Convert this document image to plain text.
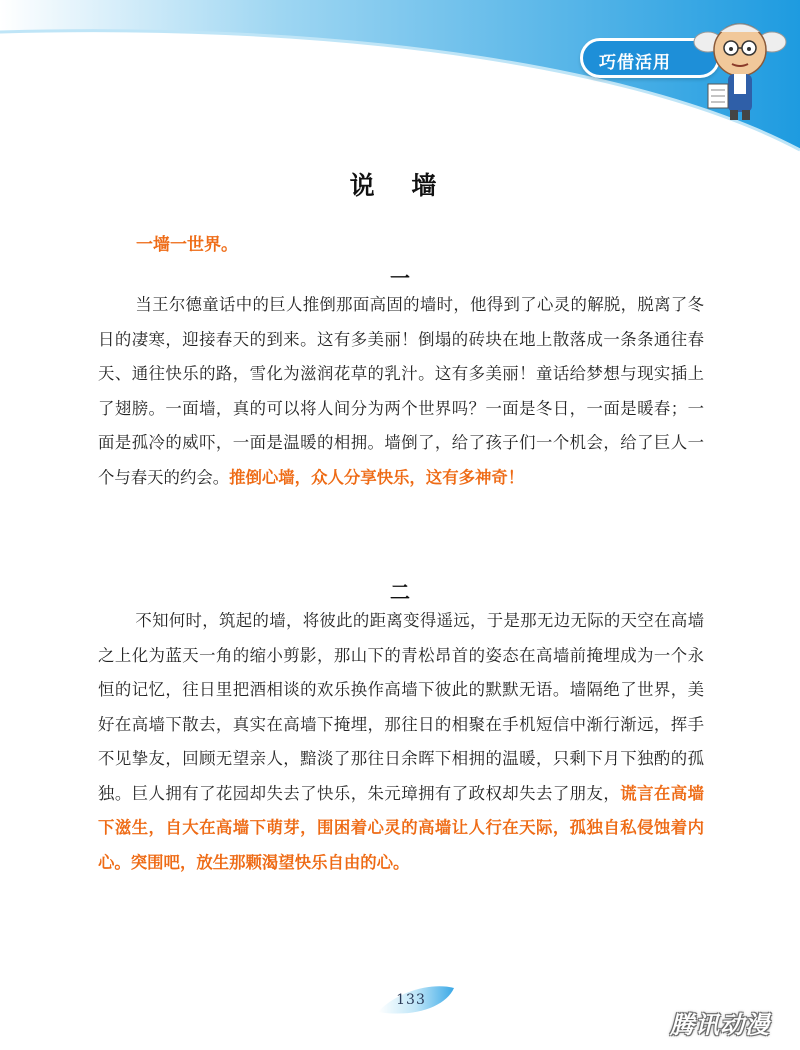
巧借活用
说 墙
一墙一世界。
一
当王尔德童话中的巨人推倒那面高固的墙时，他得到了心灵的解脱，脱离了冬日的凄寒，迎接春天的到来。这有多美丽！倒塌的砖块在地上散落成一条条通往春天、通往快乐的路，雪化为滋润花草的乳汁。这有多美丽！童话给梦想与现实插上了翅膀。一面墙，真的可以将人间分为两个世界吗？一面是冬日，一面是暖春；一面是孤冷的威吓，一面是温暖的相拥。墙倒了，给了孩子们一个机会，给了巨人一个与春天的约会。推倒心墙，众人分享快乐，这有多神奇！
二
不知何时，筑起的墙，将彼此的距离变得遥远，于是那无边无际的天空在高墙之上化为蓝天一角的缩小剪影，那山下的青松昂首的姿态在高墙前掩埋成为一个永恒的记忆，往日里把酒相谈的欢乐换作高墙下彼此的默默无语。墙隔绝了世界，美好在高墙下散去，真实在高墙下掩埋，那往日的相聚在手机短信中渐行渐远，挥手不见挚友，回顾无望亲人，黯淡了那往日余晖下相拥的温暖，只剩下月下独酌的孤独。巨人拥有了花园却失去了快乐，朱元璋拥有了政权却失去了朋友，谎言在高墙下滋生，自大在高墙下萌芽，围困着心灵的高墙让人行在天际，孤独自私侵蚀着内心。突围吧，放生那颗渴望快乐自由的心。
133
腾讯动漫
